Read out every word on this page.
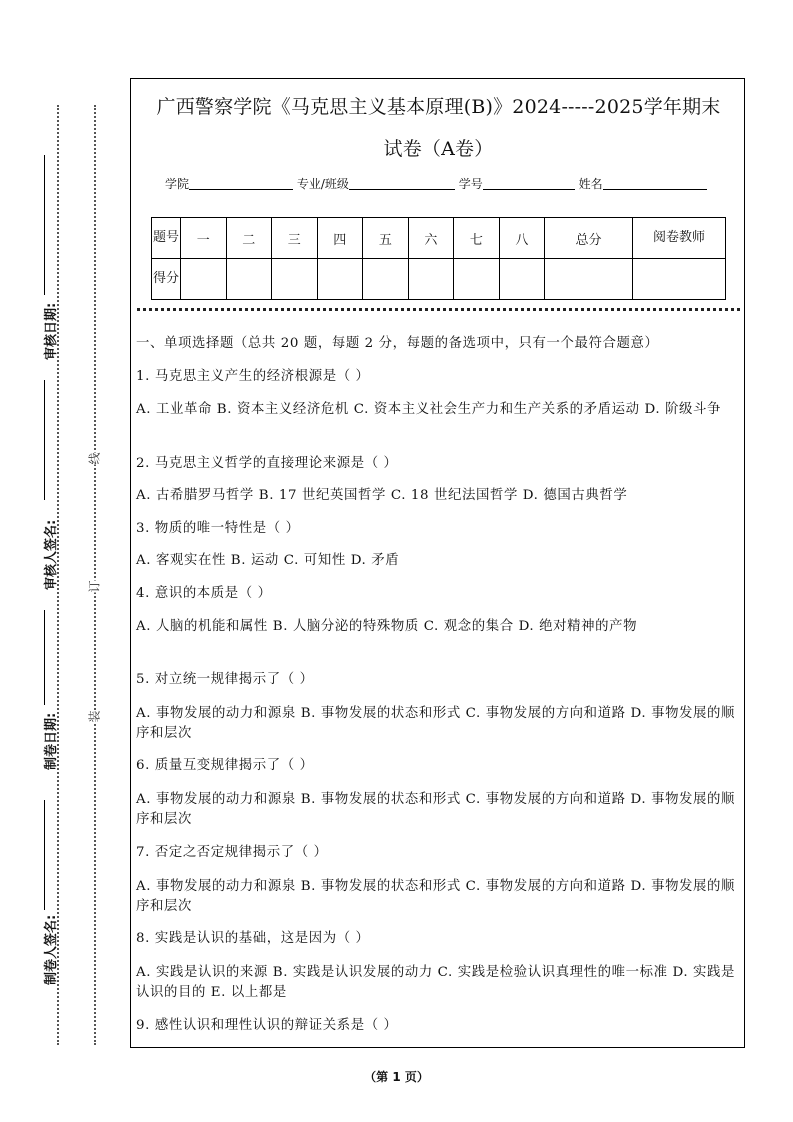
审核日期:
审核人签名:
制卷日期:
制卷人签名:
线
订
装
广西警察学院《马克思主义基本原理(B)》2024-----2025学年期末
试卷（A卷）
学院	专业/班级	学号	姓名
题号	一	二	三	四	五	六	七	八	总分	阅卷教师
得分										
一、单项选择题（总共 20 题，每题 2 分，每题的备选项中，只有一个最符合题意）
1. 马克思主义产生的经济根源是（ ）
A. 工业革命 B. 资本主义经济危机 C. 资本主义社会生产力和生产关系的矛盾运动 D. 阶级斗争
2. 马克思主义哲学的直接理论来源是（ ）
A. 古希腊罗马哲学 B. 17 世纪英国哲学 C. 18 世纪法国哲学 D. 德国古典哲学
3. 物质的唯一特性是（ ）
A. 客观实在性 B. 运动 C. 可知性 D. 矛盾
4. 意识的本质是（ ）
A. 人脑的机能和属性 B. 人脑分泌的特殊物质 C. 观念的集合 D. 绝对精神的产物
5. 对立统一规律揭示了（ ）
A. 事物发展的动力和源泉 B. 事物发展的状态和形式 C. 事物发展的方向和道路 D. 事物发展的顺序和层次
6. 质量互变规律揭示了（ ）
A. 事物发展的动力和源泉 B. 事物发展的状态和形式 C. 事物发展的方向和道路 D. 事物发展的顺序和层次
7. 否定之否定规律揭示了（ ）
A. 事物发展的动力和源泉 B. 事物发展的状态和形式 C. 事物发展的方向和道路 D. 事物发展的顺序和层次
8. 实践是认识的基础，这是因为（ ）
A. 实践是认识的来源 B. 实践是认识发展的动力 C. 实践是检验认识真理性的唯一标准 D. 实践是认识的目的 E. 以上都是
9. 感性认识和理性认识的辩证关系是（ ）
（第 1 页）
